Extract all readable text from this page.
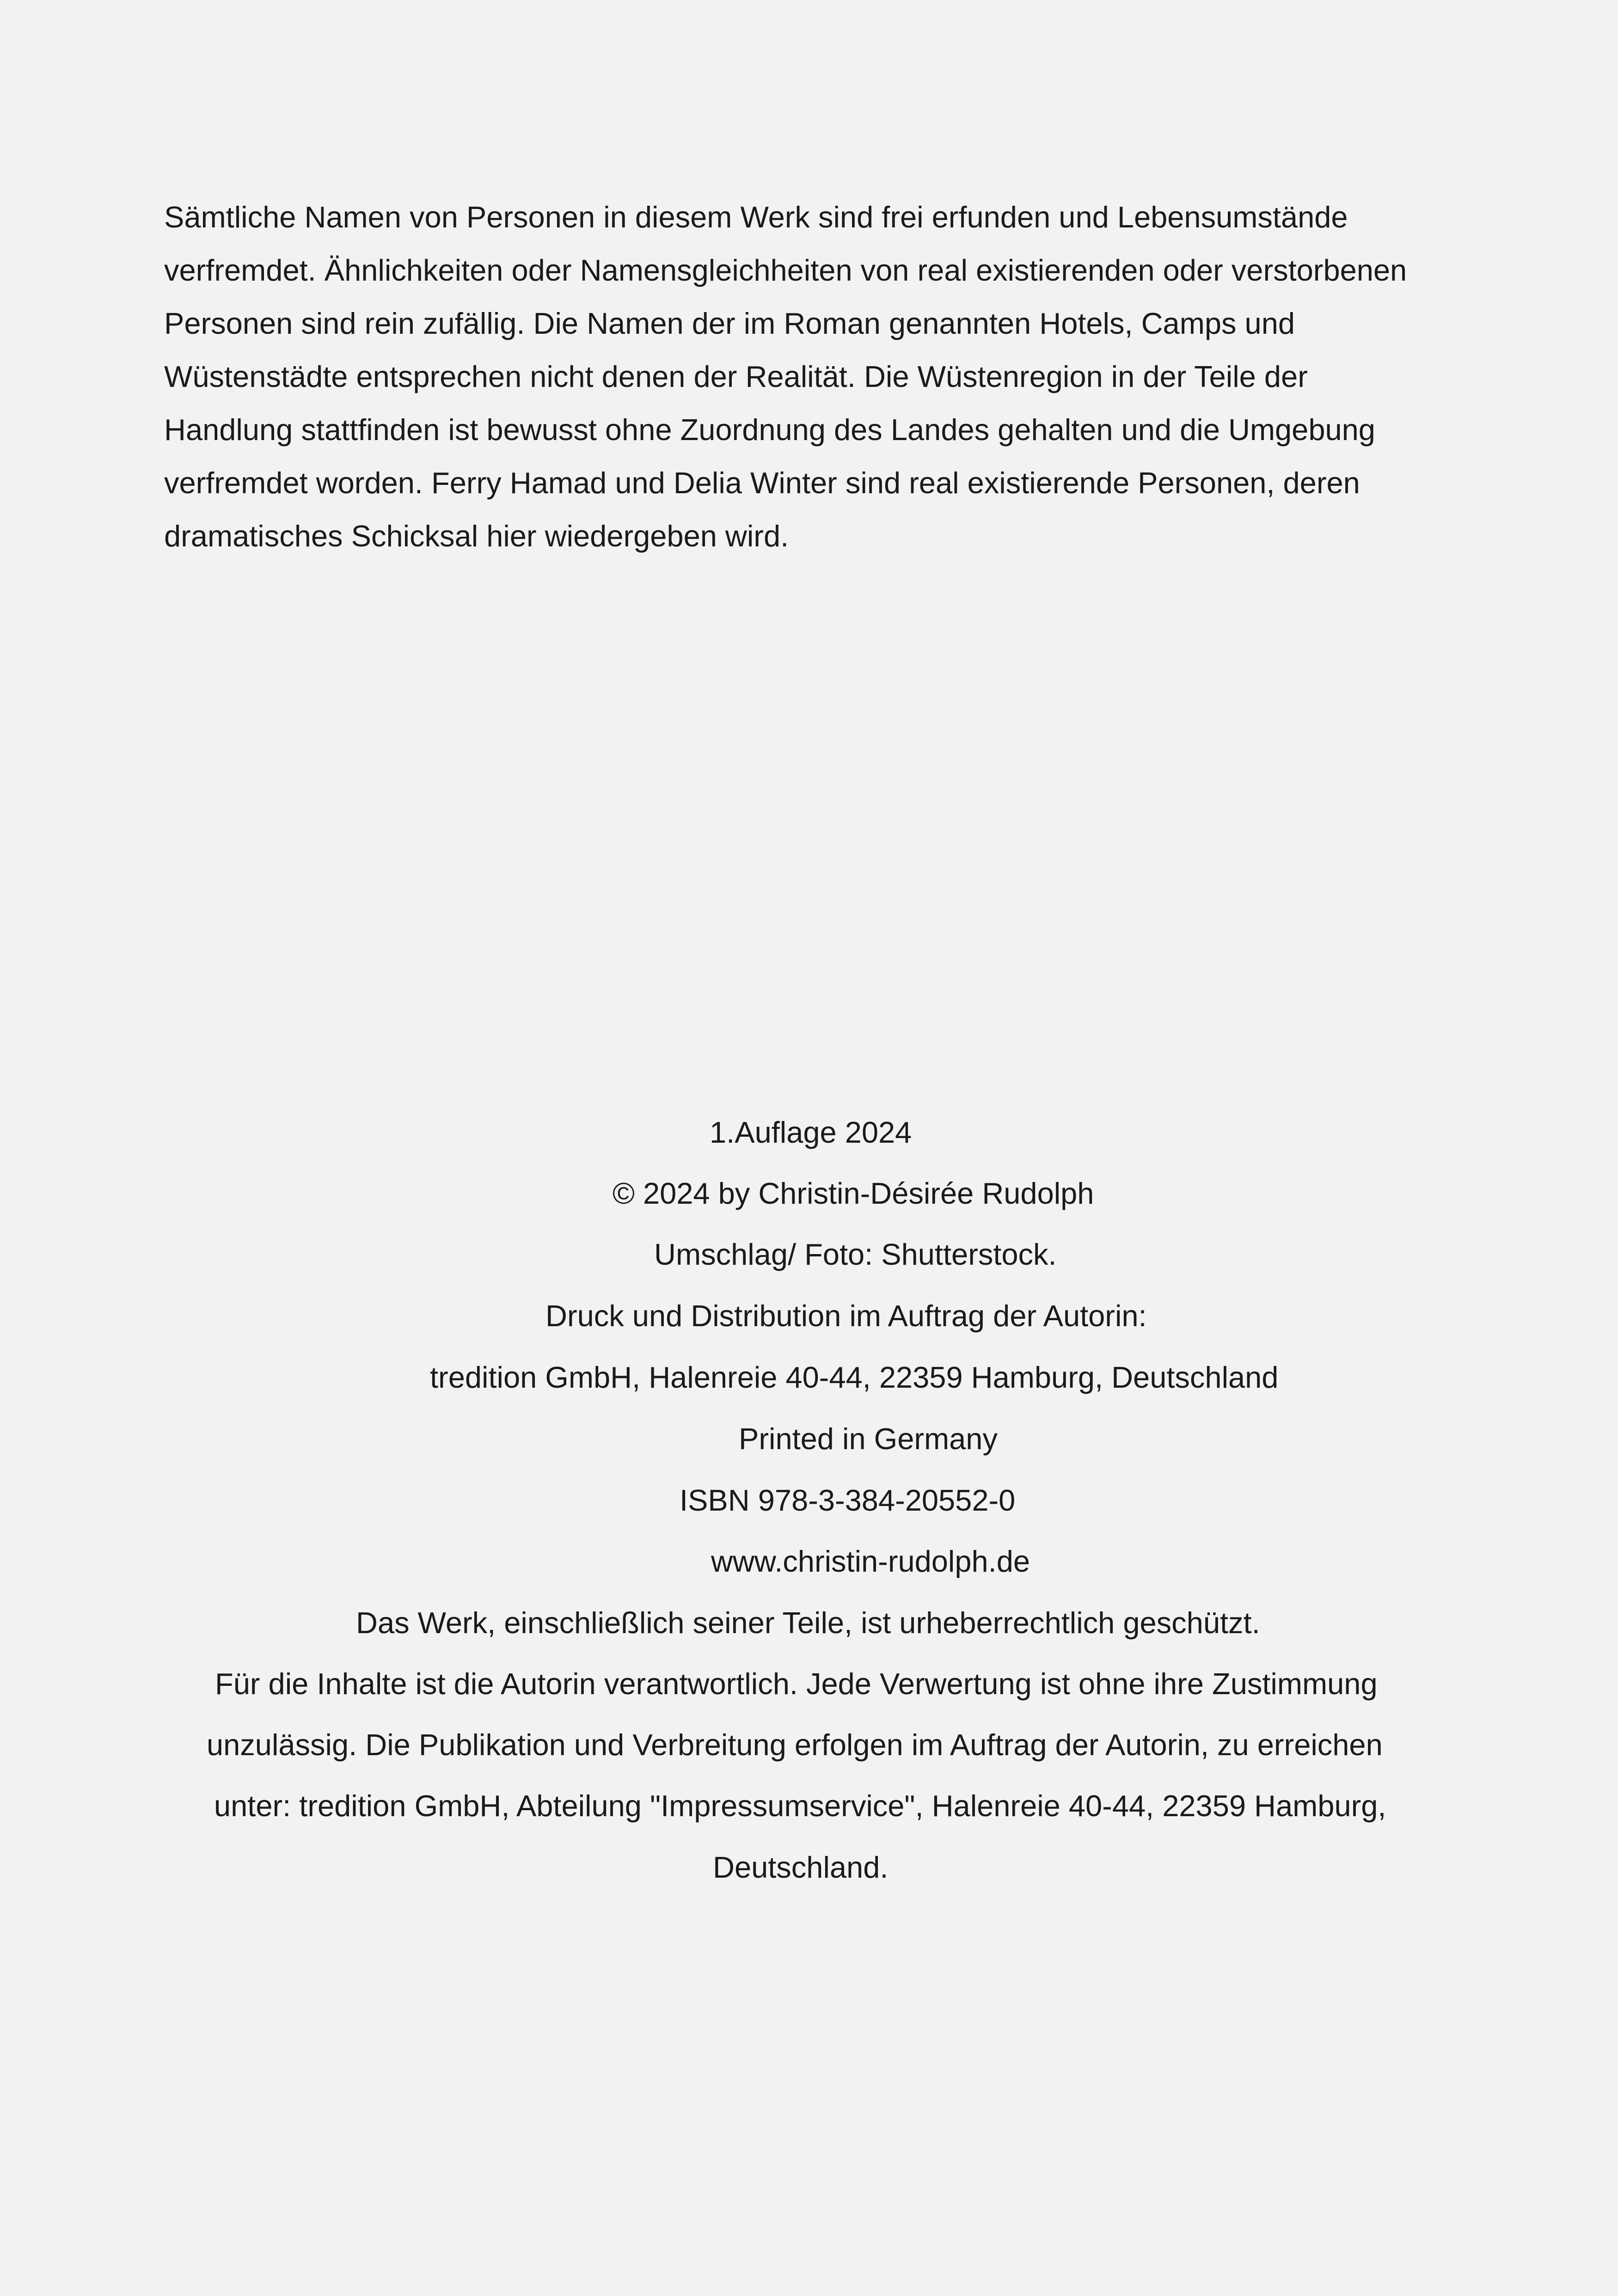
Sämtliche Namen von Personen in diesem Werk sind frei erfunden und Lebensumstände
verfremdet. Ähnlichkeiten oder Namensgleichheiten von real existierenden oder verstorbenen
Personen sind rein zufällig. Die Namen der im Roman genannten Hotels, Camps und
Wüstenstädte entsprechen nicht denen der Realität. Die Wüstenregion in der Teile der
Handlung stattfinden ist bewusst ohne Zuordnung des Landes gehalten und die Umgebung
verfremdet worden. Ferry Hamad und Delia Winter sind real existierende Personen, deren
dramatisches Schicksal hier wiedergeben wird.
1.Auflage 2024
© 2024 by Christin-Désirée Rudolph
Umschlag/ Foto: Shutterstock.
Druck und Distribution im Auftrag der Autorin:
tredition GmbH, Halenreie 40-44, 22359 Hamburg, Deutschland
Printed in Germany
ISBN 978-3-384-20552-0
www.christin-rudolph.de
Das Werk, einschließlich seiner Teile, ist urheberrechtlich geschützt.
Für die Inhalte ist die Autorin verantwortlich. Jede Verwertung ist ohne ihre Zustimmung
unzulässig. Die Publikation und Verbreitung erfolgen im Auftrag der Autorin, zu erreichen
unter: tredition GmbH, Abteilung "Impressumservice", Halenreie 40-44, 22359 Hamburg,
Deutschland.
